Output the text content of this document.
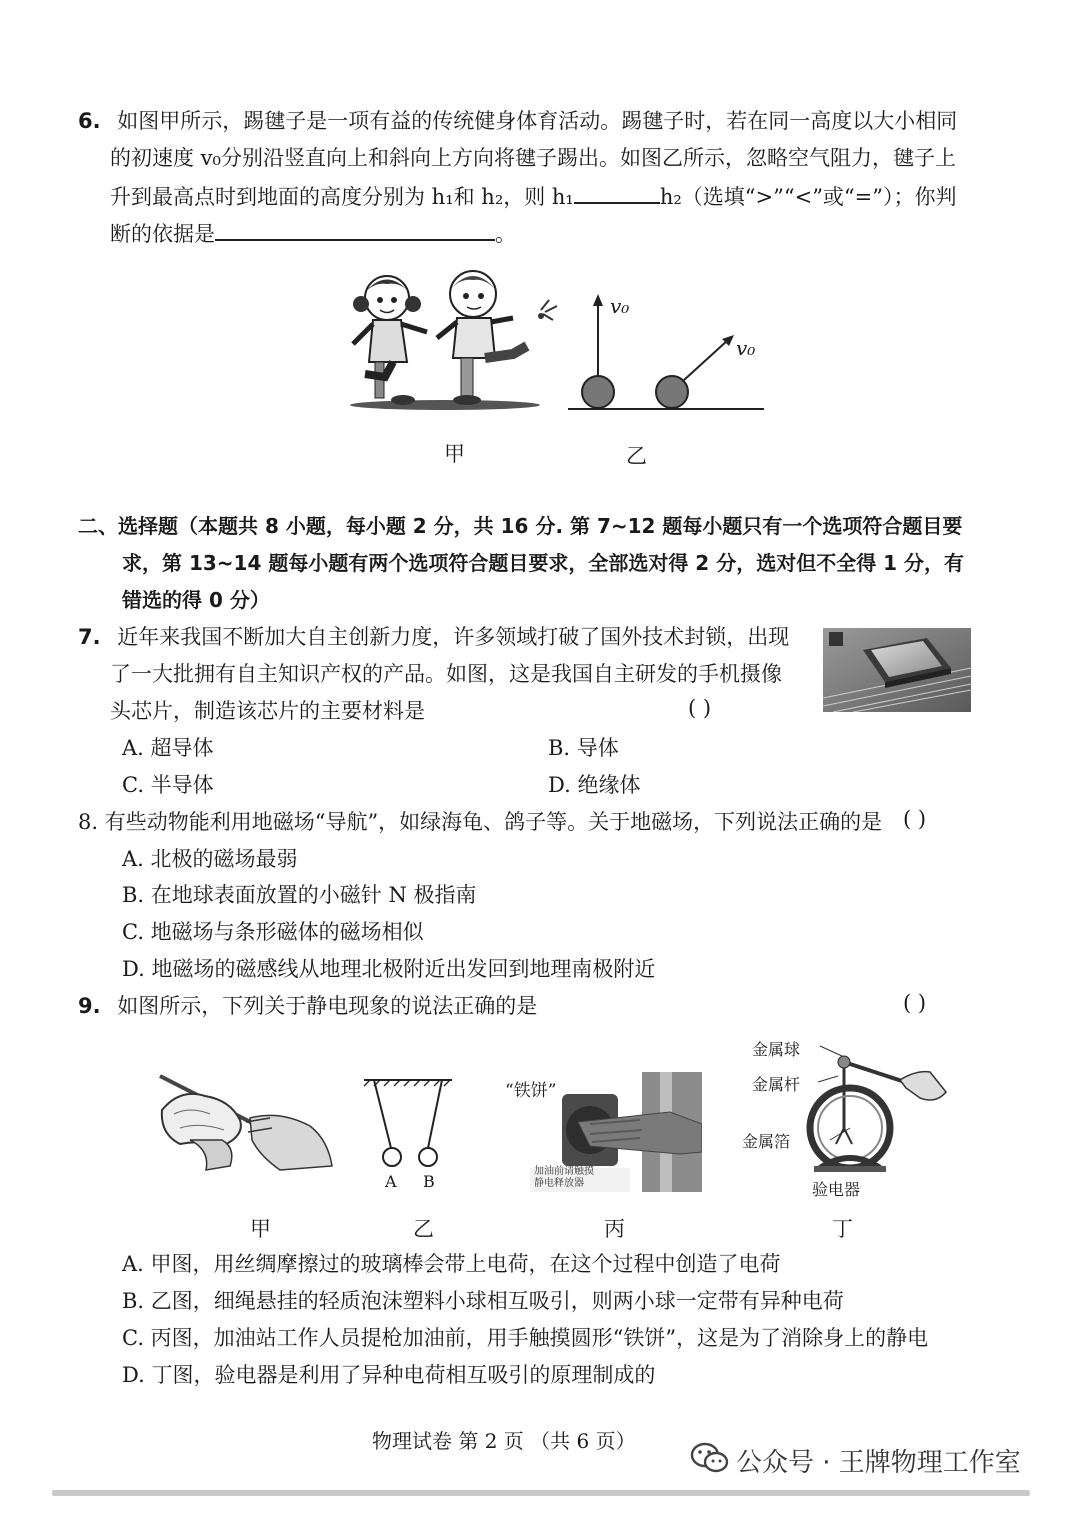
6. 如图甲所示，踢毽子是一项有益的传统健身体育活动。踢毽子时，若在同一高度以大小相同
的初速度 v₀分别沿竖直向上和斜向上方向将毽子踢出。如图乙所示，忽略空气阻力，毽子上
升到最高点时到地面的高度分别为 h₁和 h₂，则 h₁	h₂（选填“>”“<”或“=”）；你判
断的依据是	。
v₀
v₀
甲	乙
二、选择题（本题共 8 小题，每小题 2 分，共 16 分. 第 7~12 题每小题只有一个选项符合题目要
求，第 13~14 题每小题有两个选项符合题目要求，全部选对得 2 分，选对但不全得 1 分，有
错选的得 0 分）
7. 近年来我国不断加大自主创新力度，许多领域打破了国外技术封锁，出现
了一大批拥有自主知识产权的产品。如图，这是我国自主研发的手机摄像
头芯片，制造该芯片的主要材料是	( )
A. 超导体	B. 导体
C. 半导体	D. 绝缘体
8. 有些动物能利用地磁场“导航”，如绿海龟、鸽子等。关于地磁场，下列说法正确的是 ( )
A. 北极的磁场最弱
B. 在地球表面放置的小磁针 N 极指南
C. 地磁场与条形磁体的磁场相似
D. 地磁场的磁感线从地理北极附近出发回到地理南极附近
9. 如图所示，下列关于静电现象的说法正确的是	( )
A B
“铁饼”
加油前请触摸静电释放器
金属球
金属杆
金属箔
验电器
甲	乙	丙	丁
A. 甲图，用丝绸摩擦过的玻璃棒会带上电荷，在这个过程中创造了电荷
B. 乙图，细绳悬挂的轻质泡沫塑料小球相互吸引，则两小球一定带有异种电荷
C. 丙图，加油站工作人员提枪加油前，用手触摸圆形“铁饼”，这是为了消除身上的静电
D. 丁图，验电器是利用了异种电荷相互吸引的原理制成的
物理试卷 第 2 页 （共 6 页）
公众号 · 王牌物理工作室
